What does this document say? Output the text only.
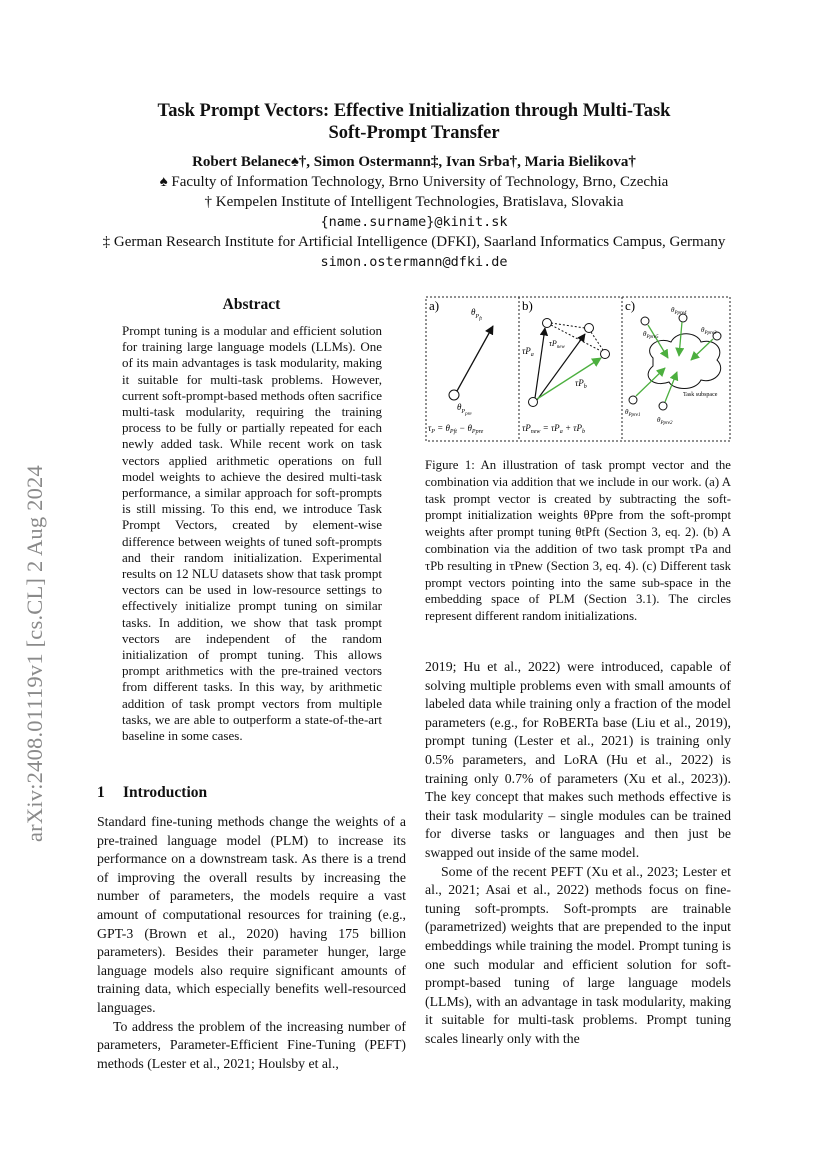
arXiv:2408.01119v1 [cs.CL] 2 Aug 2024
Task Prompt Vectors: Effective Initialization through Multi-Task
Soft-Prompt Transfer
Robert Belanec♠†, Simon Ostermann‡, Ivan Srba†, Maria Bielikova†
♠ Faculty of Information Technology, Brno University of Technology, Brno, Czechia
† Kempelen Institute of Intelligent Technologies, Bratislava, Slovakia
{name.surname}@kinit.sk
‡ German Research Institute for Artificial Intelligence (DFKI), Saarland Informatics Campus, Germany
simon.ostermann@dfki.de
Abstract
Prompt tuning is a modular and efficient solution for training large language models (LLMs). One of its main advantages is task modularity, making it suitable for multi-task problems. However, current soft-prompt-based methods often sacrifice multi-task modularity, requiring the training process to be fully or partially repeated for each newly added task. While recent work on task vectors applied arithmetic operations on full model weights to achieve the desired multi-task performance, a similar approach for soft-prompts is still missing. To this end, we introduce Task Prompt Vectors, created by element-wise difference between weights of tuned soft-prompts and their random initialization. Experimental results on 12 NLU datasets show that task prompt vectors can be used in low-resource settings to effectively initialize prompt tuning on similar tasks. In addition, we show that task prompt vectors are independent of the random initialization of prompt tuning. This allows prompt arithmetics with the pre-trained vectors from different tasks. In this way, by arithmetic addition of task prompt vectors from multiple tasks, we are able to outperform a state-of-the-art baseline in some cases.
1 Introduction

Standard fine-tuning methods change the weights of a pre-trained language model (PLM) to increase its performance on a downstream task. As there is a trend of improving the overall results by increasing the number of parameters, the models require a vast amount of computational resources for training (e.g., GPT-3 (Brown et al., 2020) having 175 billion parameters). Besides their parameter hunger, large language models also require significant amounts of training data, which especially benefits well-resourced languages.

To address the problem of the increasing number of parameters, Parameter-Efficient Fine-Tuning (PEFT) methods (Lester et al., 2021; Houlsby et al.,

a)	b)	c)
$\theta_{Pft}$
$\theta_{Ppre}$
$\tau_P = \theta_{Pft} - \theta_{Ppre}$
$\tau P_a$
$\tau P_{new}$
$\tau P_b$
$\tau P_{new} = \tau P_a + \tau P_b$
Task subspace
$\theta_{Ppre5}$
$\theta_{Ppre4}$
$\theta_{Ppre3}$
$\theta_{Ppre1}$
$\theta_{Ppre2}$
Figure 1: An illustration of task prompt vector and the combination via addition that we include in our work. (a) A task prompt vector is created by subtracting the soft-prompt initialization weights θPpre from the soft-prompt weights after prompt tuning θtPft (Section 3, eq. 2). (b) A combination via the addition of two task prompt τPa and τPb resulting in τPnew (Section 3, eq. 4). (c) Different task prompt vectors pointing into the same sub-space in the embedding space of PLM (Section 3.1). The circles represent different random initializations.

2019; Hu et al., 2022) were introduced, capable of solving multiple problems even with small amounts of labeled data while training only a fraction of the model parameters (e.g., for RoBERTa base (Liu et al., 2019), prompt tuning (Lester et al., 2021) is training only 0.5% parameters, and LoRA (Hu et al., 2022) is training only 0.7% of parameters (Xu et al., 2023)). The key concept that makes such methods effective is their task modularity – single modules can be trained for diverse tasks or languages and then just be swapped out inside of the same model.

Some of the recent PEFT (Xu et al., 2023; Lester et al., 2021; Asai et al., 2022) methods focus on fine-tuning soft-prompts. Soft-prompts are trainable (parametrized) weights that are prepended to the input embeddings while training the model. Prompt tuning is one such modular and efficient solution for soft-prompt-based tuning of large language models (LLMs), with an advantage in task modularity, making it suitable for multi-task problems. Prompt tuning scales linearly only with the
